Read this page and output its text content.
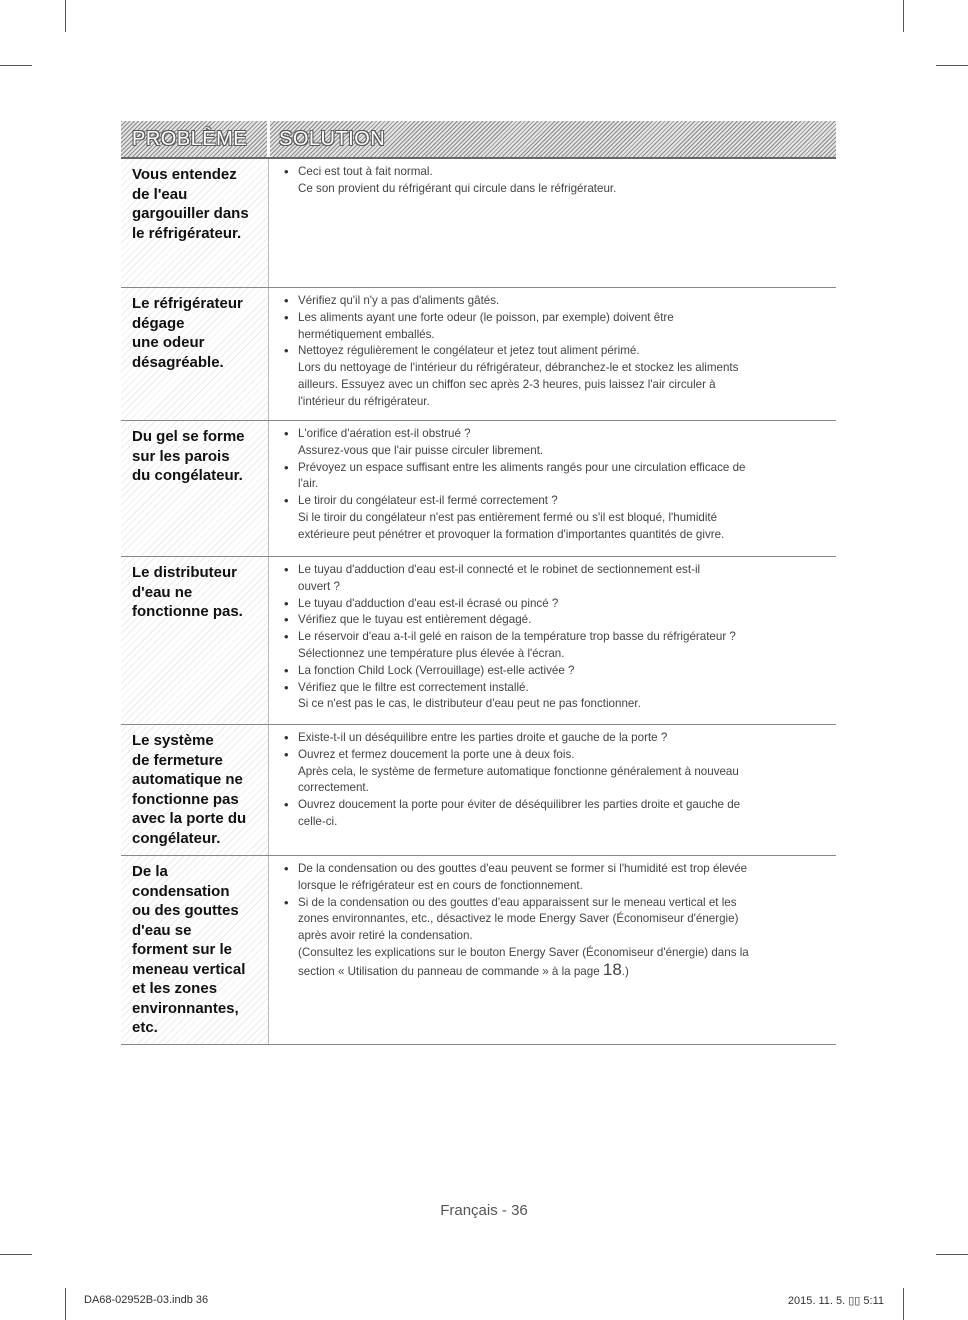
PROBLÈME SOLUTION
Vous entendez
de l'eau
gargouiller dans
le réfrigérateur.
• Ceci est tout à fait normal.
Ce son provient du réfrigérant qui circule dans le réfrigérateur.
Le réfrigérateur
dégage
une odeur
désagréable.
• Vérifiez qu'il n'y a pas d'aliments gâtés.
• Les aliments ayant une forte odeur (le poisson, par exemple) doivent être
hermétiquement emballés.
• Nettoyez régulièrement le congélateur et jetez tout aliment périmé.
Lors du nettoyage de l'intérieur du réfrigérateur, débranchez-le et stockez les aliments
ailleurs. Essuyez avec un chiffon sec après 2-3 heures, puis laissez l'air circuler à
l'intérieur du réfrigérateur.
Du gel se forme
sur les parois
du congélateur.
• L'orifice d'aération est-il obstrué ?
Assurez-vous que l'air puisse circuler librement.
• Prévoyez un espace suffisant entre les aliments rangés pour une circulation efficace de
l'air.
• Le tiroir du congélateur est-il fermé correctement ?
Si le tiroir du congélateur n'est pas entièrement fermé ou s'il est bloqué, l'humidité
extérieure peut pénétrer et provoquer la formation d'importantes quantités de givre.
Le distributeur
d'eau ne
fonctionne pas.
• Le tuyau d'adduction d'eau est-il connecté et le robinet de sectionnement est-il
ouvert ?
• Le tuyau d'adduction d'eau est-il écrasé ou pincé ?
• Vérifiez que le tuyau est entièrement dégagé.
• Le réservoir d'eau a-t-il gelé en raison de la température trop basse du réfrigérateur ?
Sélectionnez une température plus élevée à l'écran.
• La fonction Child Lock (Verrouillage) est-elle activée ?
• Vérifiez que le filtre est correctement installé.
Si ce n'est pas le cas, le distributeur d'eau peut ne pas fonctionner.
Le système
de fermeture
automatique ne
fonctionne pas
avec la porte du
congélateur.
• Existe-t-il un déséquilibre entre les parties droite et gauche de la porte ?
• Ouvrez et fermez doucement la porte une à deux fois.
Après cela, le système de fermeture automatique fonctionne généralement à nouveau
correctement.
• Ouvrez doucement la porte pour éviter de déséquilibrer les parties droite et gauche de
celle-ci.
De la
condensation
ou des gouttes
d'eau se
forment sur le
meneau vertical
et les zones
environnantes,
etc.
• De la condensation ou des gouttes d'eau peuvent se former si l'humidité est trop élevée
lorsque le réfrigérateur est en cours de fonctionnement.
• Si de la condensation ou des gouttes d'eau apparaissent sur le meneau vertical et les
zones environnantes, etc., désactivez le mode Energy Saver (Économiseur d'énergie)
après avoir retiré la condensation.
(Consultez les explications sur le bouton Energy Saver (Économiseur d'énergie) dans la
section « Utilisation du panneau de commande » à la page 18.)
Français - 36
DA68-02952B-03.indb 36	2015. 11. 5. ▯▯ 5:11
